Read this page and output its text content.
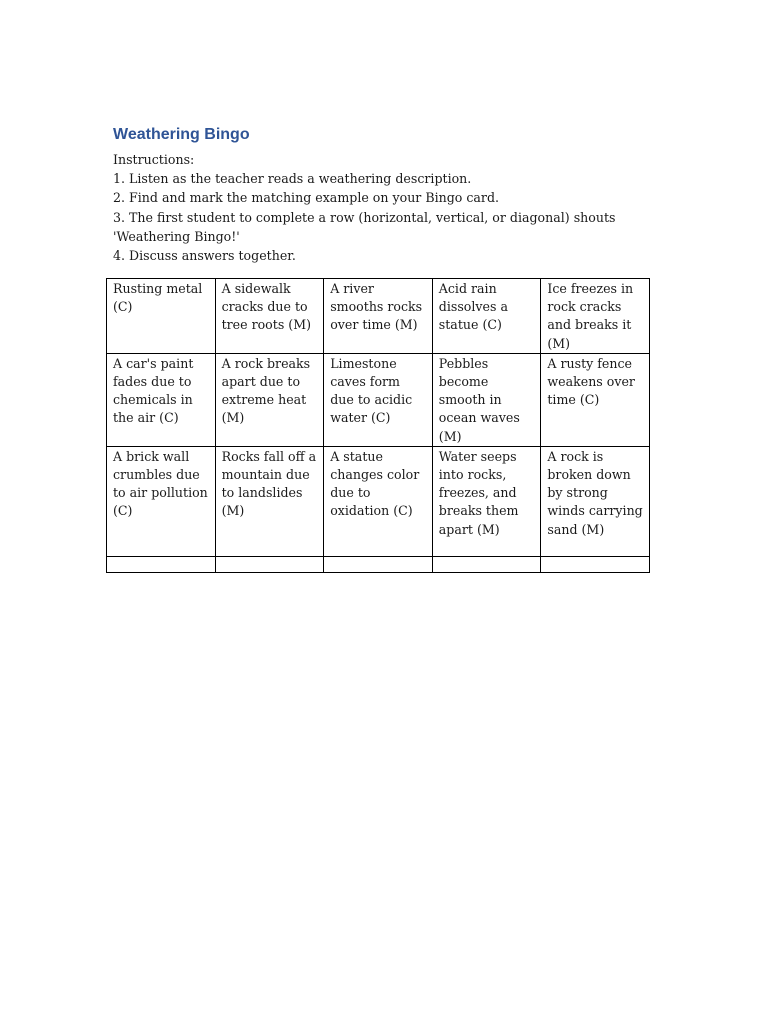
Weathering Bingo
Instructions:
1. Listen as the teacher reads a weathering description.
2. Find and mark the matching example on your Bingo card.
3. The first student to complete a row (horizontal, vertical, or diagonal) shouts 'Weathering Bingo!'
4. Discuss answers together.
Rusting metal (C)	A sidewalk cracks due to tree roots (M)	A river smooths rocks over time (M)	Acid rain dissolves a statue (C)	Ice freezes in rock cracks and breaks it (M)
A car's paint fades due to chemicals in the air (C)	A rock breaks apart due to extreme heat (M)	Limestone caves form due to acidic water (C)	Pebbles become smooth in ocean waves (M)	A rusty fence weakens over time (C)
A brick wall crumbles due to air pollution (C)	Rocks fall off a mountain due to landslides (M)	A statue changes color due to oxidation (C)	Water seeps into rocks, freezes, and breaks them apart (M)	A rock is broken down by strong winds carrying sand (M)
